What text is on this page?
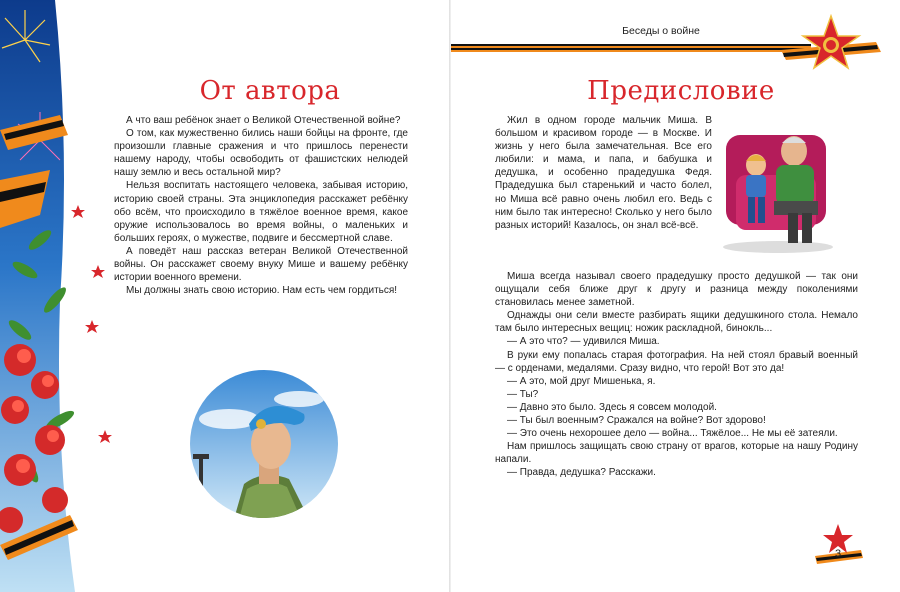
От автора

А что ваш ребёнок знает о Великой Отечественной войне?

О том, как мужественно бились наши бойцы на фронте, где произошли главные сражения и что пришлось перенести нашему народу, чтобы освободить от фашистских нелюдей нашу землю и весь остальной мир?

Нельзя воспитать настоящего человека, забывая историю, историю своей страны. Эта энциклопедия расскажет ребёнку обо всём, что происходило в тяжёлое военное время, какое оружие использовалось во время войны, о маленьких и больших героях, о мужестве, подвиге и бессмертной славе.

А поведёт наш рассказ ветеран Великой Отечественной войны. Он расскажет своему внуку Мише и вашему ребёнку истории военного времени.

Мы должны знать свою историю. Нам есть чем гордиться!

Беседы о войне
Предисловие

Жил в одном городе мальчик Миша. В большом и красивом городе — в Москве. И жизнь у него была замечательная. Все его любили: и мама, и папа, и бабушка и дедушка, и особенно прадедушка Федя. Прадедушка был старенький и часто болел, но Миша всё равно очень любил его. Ведь с ним было так интересно! Сколько у него было разных историй! Казалось, он знал всё-всё.

Миша всегда называл своего прадедушку просто дедушкой — так они ощущали себя ближе друг к другу и разница между поколениями становилась менее заметной.

Однажды они сели вместе разбирать ящики дедушкиного стола. Немало там было интересных вещиц: ножик раскладной, бинокль...

— А это что? — удивился Миша.

В руки ему попалась старая фотография. На ней стоял бравый военный — с орденами, медалями. Сразу видно, что герой! Вот это да!

— А это, мой друг Мишенька, я.

— Ты?

— Давно это было. Здесь я совсем молодой.

— Ты был военным? Сражался на войне? Вот здорово!

— Это очень нехорошее дело — война... Тяжёлое... Не мы её затеяли.

Нам пришлось защищать свою страну от врагов, которые на нашу Родину напали.

— Правда, дедушка? Расскажи.

3
